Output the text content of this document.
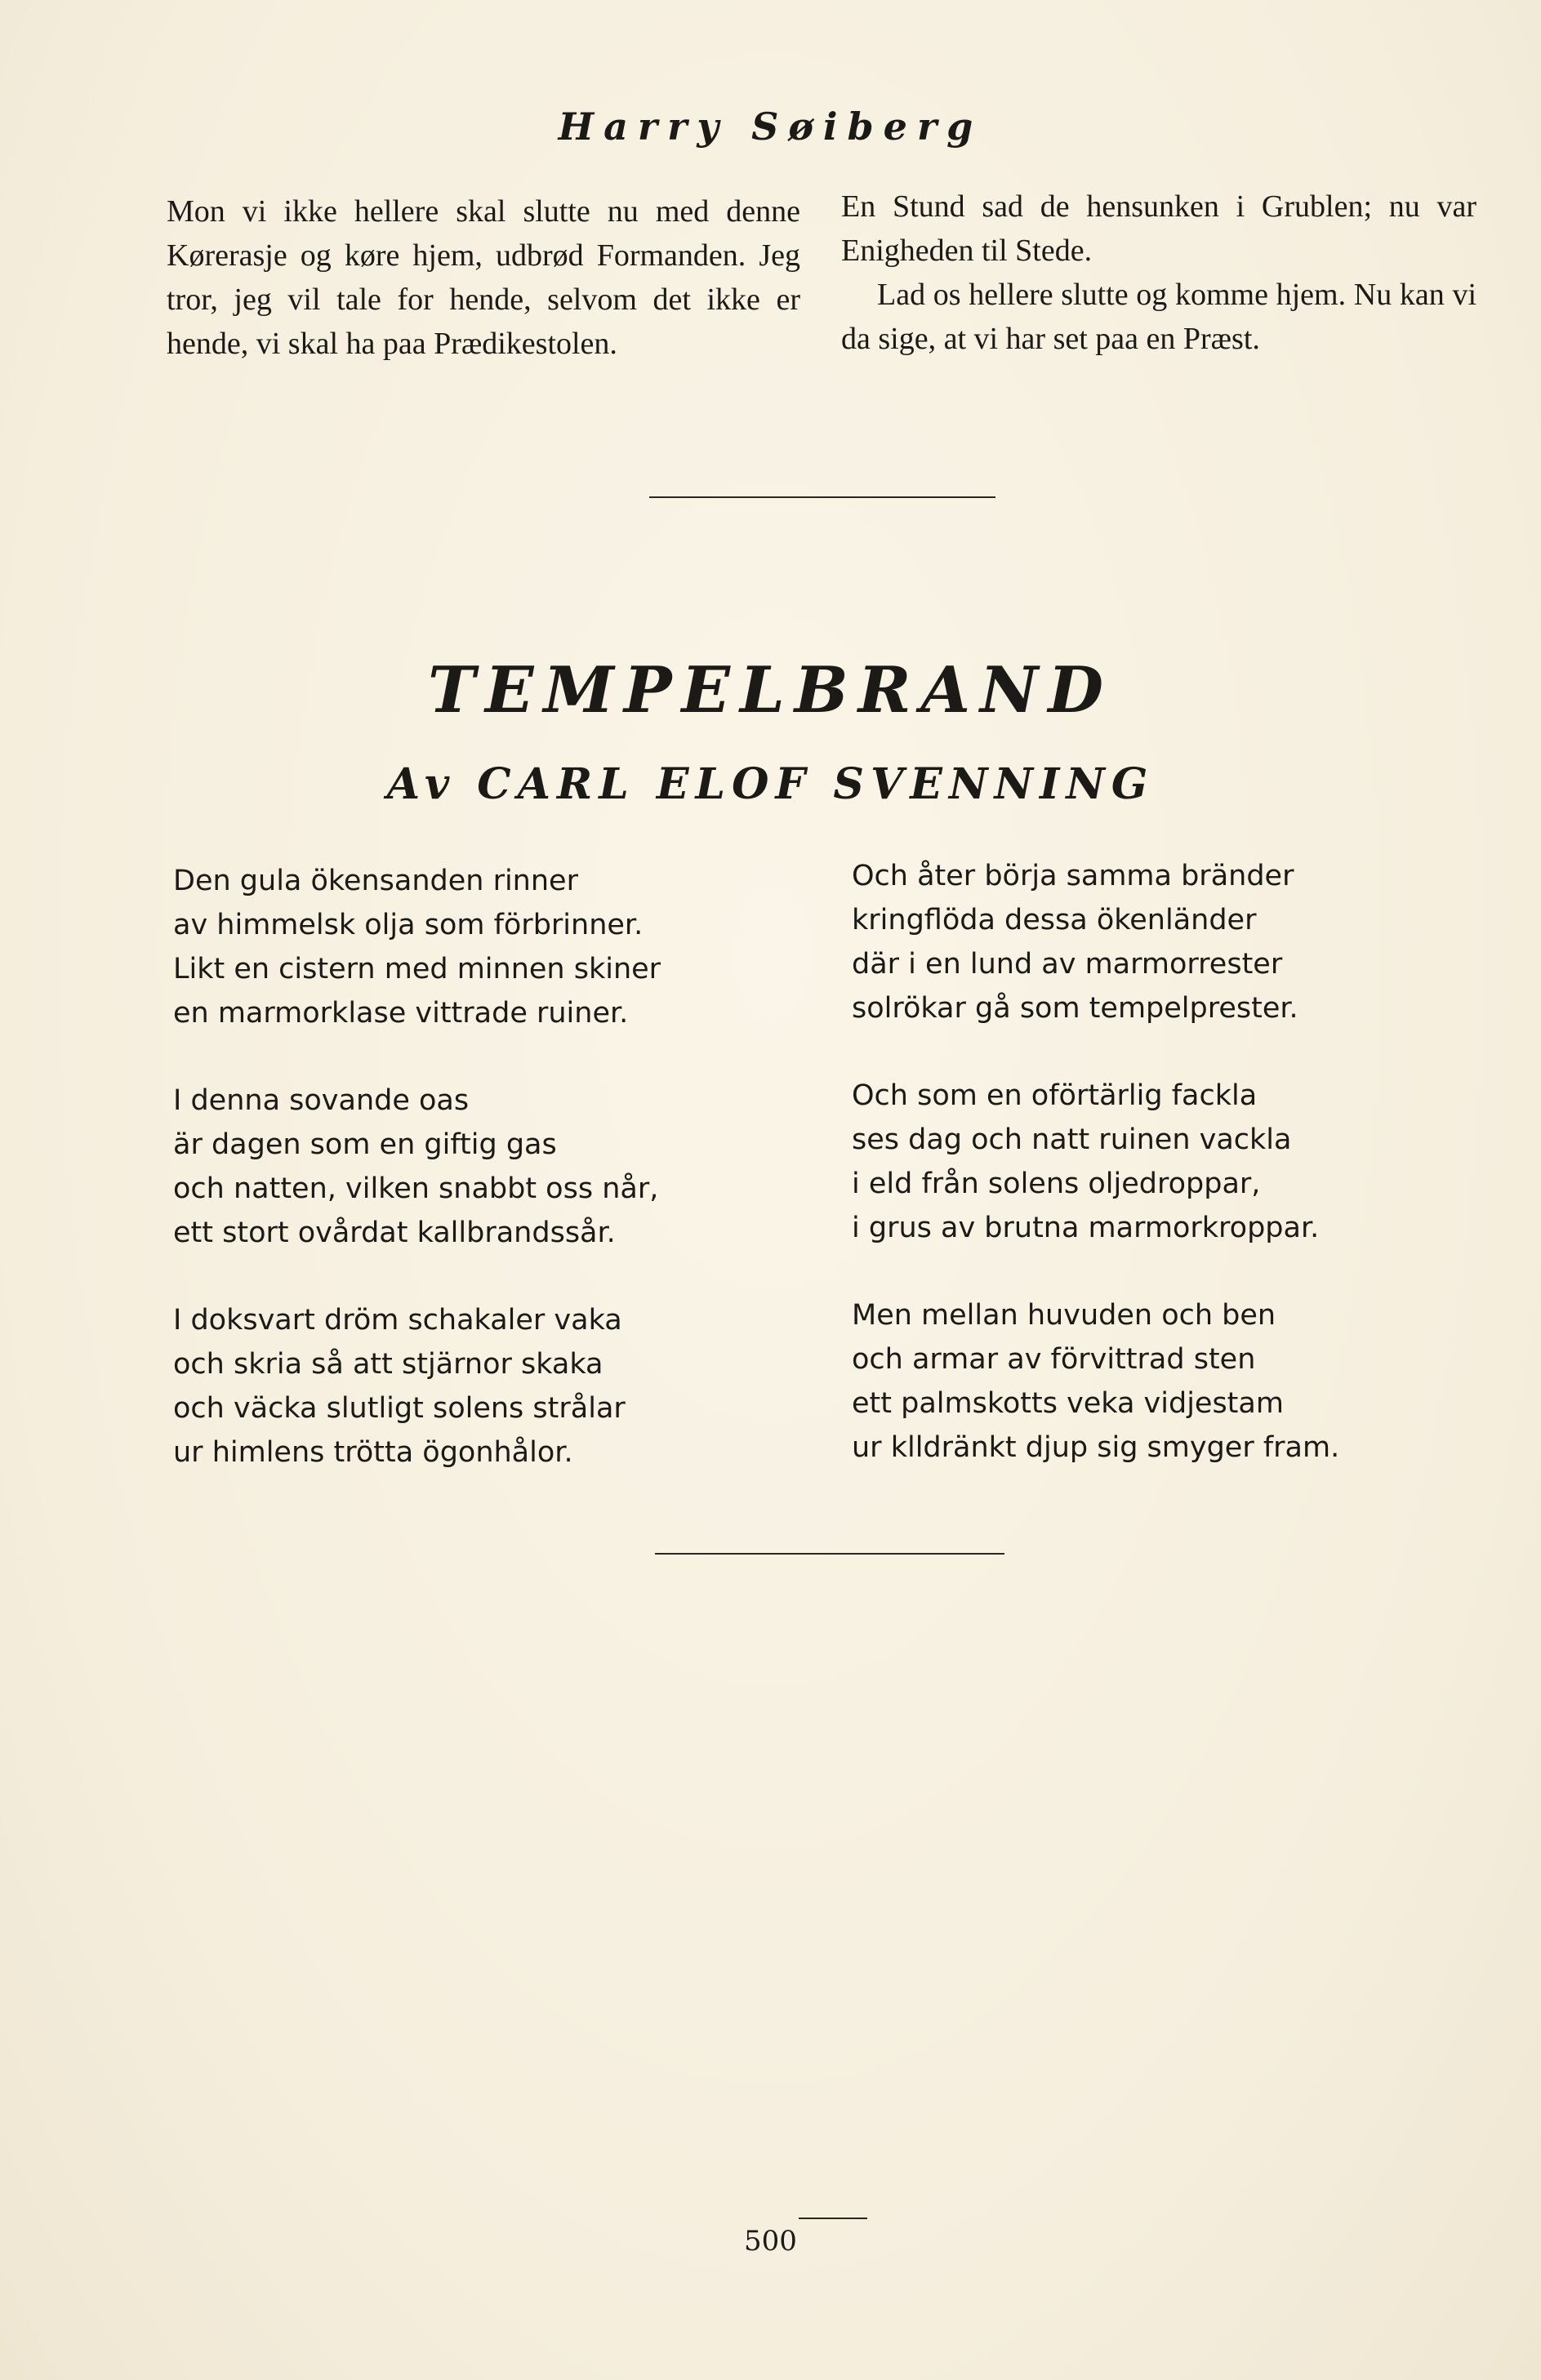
Harry Søiberg

Mon vi ikke hellere skal slutte nu med denne Kørerasje og køre hjem, udbrød Formanden. Jeg tror, jeg vil tale for hende, selvom det ikke er hende, vi skal ha paa Prædikestolen.

En Stund sad de hensunken i Grublen; nu var Enigheden til Stede.

Lad os hellere slutte og komme hjem. Nu kan vi da sige, at vi har set paa en Præst.

TEMPELBRAND
Av CARL ELOF SVENNING
Den gula ökensanden rinner
av himmelsk olja som förbrinner.
Likt en cistern med minnen skiner
en marmorklase vittrade ruiner.
I denna sovande oas
är dagen som en giftig gas
och natten, vilken snabbt oss når,
ett stort ovårdat kallbrandssår.
I doksvart dröm schakaler vaka
och skria så att stjärnor skaka
och väcka slutligt solens strålar
ur himlens trötta ögonhålor.
Och åter börja samma bränder
kringflöda dessa ökenländer
där i en lund av marmorrester
solrökar gå som tempelprester.
Och som en oförtärlig fackla
ses dag och natt ruinen vackla
i eld från solens oljedroppar,
i grus av brutna marmorkroppar.
Men mellan huvuden och ben
och armar av förvittrad sten
ett palmskotts veka vidjestam
ur klldränkt djup sig smyger fram.

500
